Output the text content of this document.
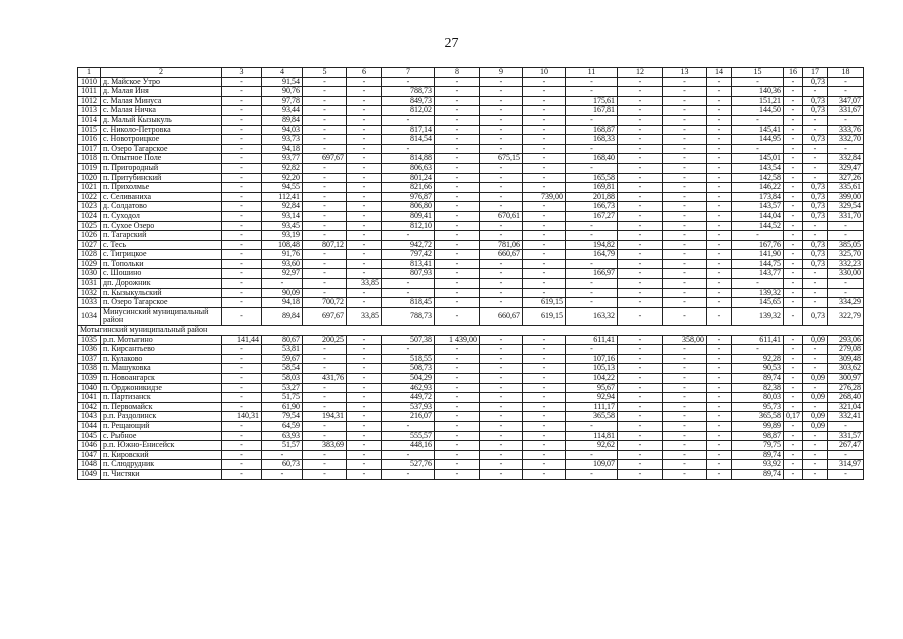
27
1	2	3	4	5	6	7	8	9	10	11	12	13	14	15	16	17	18
1010	д. Майское Утро	-	91,54	-	-	-	-	-	-	-	-	-	-	-	-	0,73	-
1011	д. Малая Иня	-	90,76	-	-	788,73	-	-	-	-	-	-	-	140,36	-	-	-
1012	с. Малая Минуса	-	97,78	-	-	849,73	-	-	-	175,61	-	-	-	151,21	-	0,73	347,07
1013	с. Малая Ничка	-	93,44	-	-	812,02	-	-	-	167,81	-	-	-	144,50	-	0,73	331,67
1014	д. Малый Кызыкуль	-	89,84	-	-	-	-	-	-	-	-	-	-	-	-	-	-
1015	с. Николо-Петровка	-	94,03	-	-	817,14	-	-	-	168,87	-	-	-	145,41	-	-	333,76
1016	с. Новотроицкое	-	93,73	-	-	814,54	-	-	-	168,33	-	-	-	144,95	-	0,73	332,70
1017	п. Озеро Тагарское	-	94,18	-	-	-	-	-	-	-	-	-	-	-	-	-	-
1018	п. Опытное Поле	-	93,77	697,67	-	814,88	-	675,15	-	168,40	-	-	-	145,01	-	-	332,84
1019	п. Пригородный	-	92,82	-	-	806,63	-	-	-	-	-	-	-	143,54	-	-	329,47
1020	п. Притубинский	-	92,20	-	-	801,24	-	-	-	165,58	-	-	-	142,58	-	-	327,26
1021	п. Прихолмье	-	94,55	-	-	821,66	-	-	-	169,81	-	-	-	146,22	-	0,73	335,61
1022	с. Селиваниха	-	112,41	-	-	976,87	-	-	739,00	201,88	-	-	-	173,84	-	0,73	399,00
1023	д. Солдатово	-	92,84	-	-	806,80	-	-	-	166,73	-	-	-	143,57	-	0,73	329,54
1024	п. Суходол	-	93,14	-	-	809,41	-	670,61	-	167,27	-	-	-	144,04	-	0,73	331,70
1025	п. Сухое Озеро	-	93,45	-	-	812,10	-	-	-	-	-	-	-	144,52	-	-	-
1026	п. Тагарский	-	93,19	-	-	-	-	-	-	-	-	-	-	-	-	-	-
1027	с. Тесь	-	108,48	807,12	-	942,72	-	781,06	-	194,82	-	-	-	167,76	-	0,73	385,05
1028	с. Тигрицкое	-	91,76	-	-	797,42	-	660,67	-	164,79	-	-	-	141,90	-	0,73	325,70
1029	п. Топольки	-	93,60	-	-	813,41	-	-	-	-	-	-	-	144,75	-	0,73	332,23
1030	с. Шошино	-	92,97	-	-	807,93	-	-	-	166,97	-	-	-	143,77	-	-	330,00
1031	дп. Дорожник	-	-	-	33,85	-	-	-	-	-	-	-	-	-	-	-	-
1032	п. Кызыкульский	-	90,09	-	-	-	-	-	-	-	-	-	-	139,32	-	-	-
1033	п. Озеро Тагарское	-	94,18	700,72	-	818,45	-	-	619,15	-	-	-	-	145,65	-	-	334,29
1034	Минусинский муниципальный район	-	89,84	697,67	33,85	788,73	-	660,67	619,15	163,32	-	-	-	139,32	-	0,73	322,79
Мотыгинский муниципальный район																	
1035	р.п. Мотыгино	141,44	80,67	200,25	-	507,38	1 439,00	-	-	611,41	-	358,00	-	611,41	-	0,09	293,06
1036	п. Кирсантьево	-	53,81	-	-	-	-	-	-	-	-	-	-	-	-	-	279,08
1037	п. Кулаково	-	59,67	-	-	518,55	-	-	-	107,16	-	-	-	92,28	-	-	309,48
1038	п. Машуковка	-	58,54	-	-	508,73	-	-	-	105,13	-	-	-	90,53	-	-	303,62
1039	п. Новоангарск	-	58,03	431,76	-	504,29	-	-	-	104,22	-	-	-	89,74	-	0,09	300,97
1040	п. Орджоникидзе	-	53,27	-	-	462,93	-	-	-	95,67	-	-	-	82,38	-	-	276,28
1041	п. Партизанск	-	51,75	-	-	449,72	-	-	-	92,94	-	-	-	80,03	-	0,09	268,40
1042	п. Первомайск	-	61,90	-	-	537,93	-	-	-	111,17	-	-	-	95,73	-	-	321,04
1043	р.п. Раздолинск	140,31	79,54	194,31	-	216,07	-	-	-	365,58	-	-	-	365,58	0,17	0,09	332,41
1044	п. Рещающий	-	64,59	-	-	-	-	-	-	-	-	-	-	99,89	-	0,09	-
1045	с. Рыбное	-	63,93	-	-	555,57	-	-	-	114,81	-	-	-	98,87	-	-	331,57
1046	р.п. Южно-Енисейск	-	51,57	383,69	-	448,16	-	-	-	92,62	-	-	-	79,75	-	-	267,47
1047	п. Кировский	-	-	-	-	-	-	-	-	-	-	-	-	89,74	-	-	-
1048	п. Слюдрудник	-	60,73	-	-	527,76	-	-	-	109,07	-	-	-	93,92	-	-	314,97
1049	п. Чистяки	-	-	-	-	-	-	-	-	-	-	-	-	89,74	-	-	-
